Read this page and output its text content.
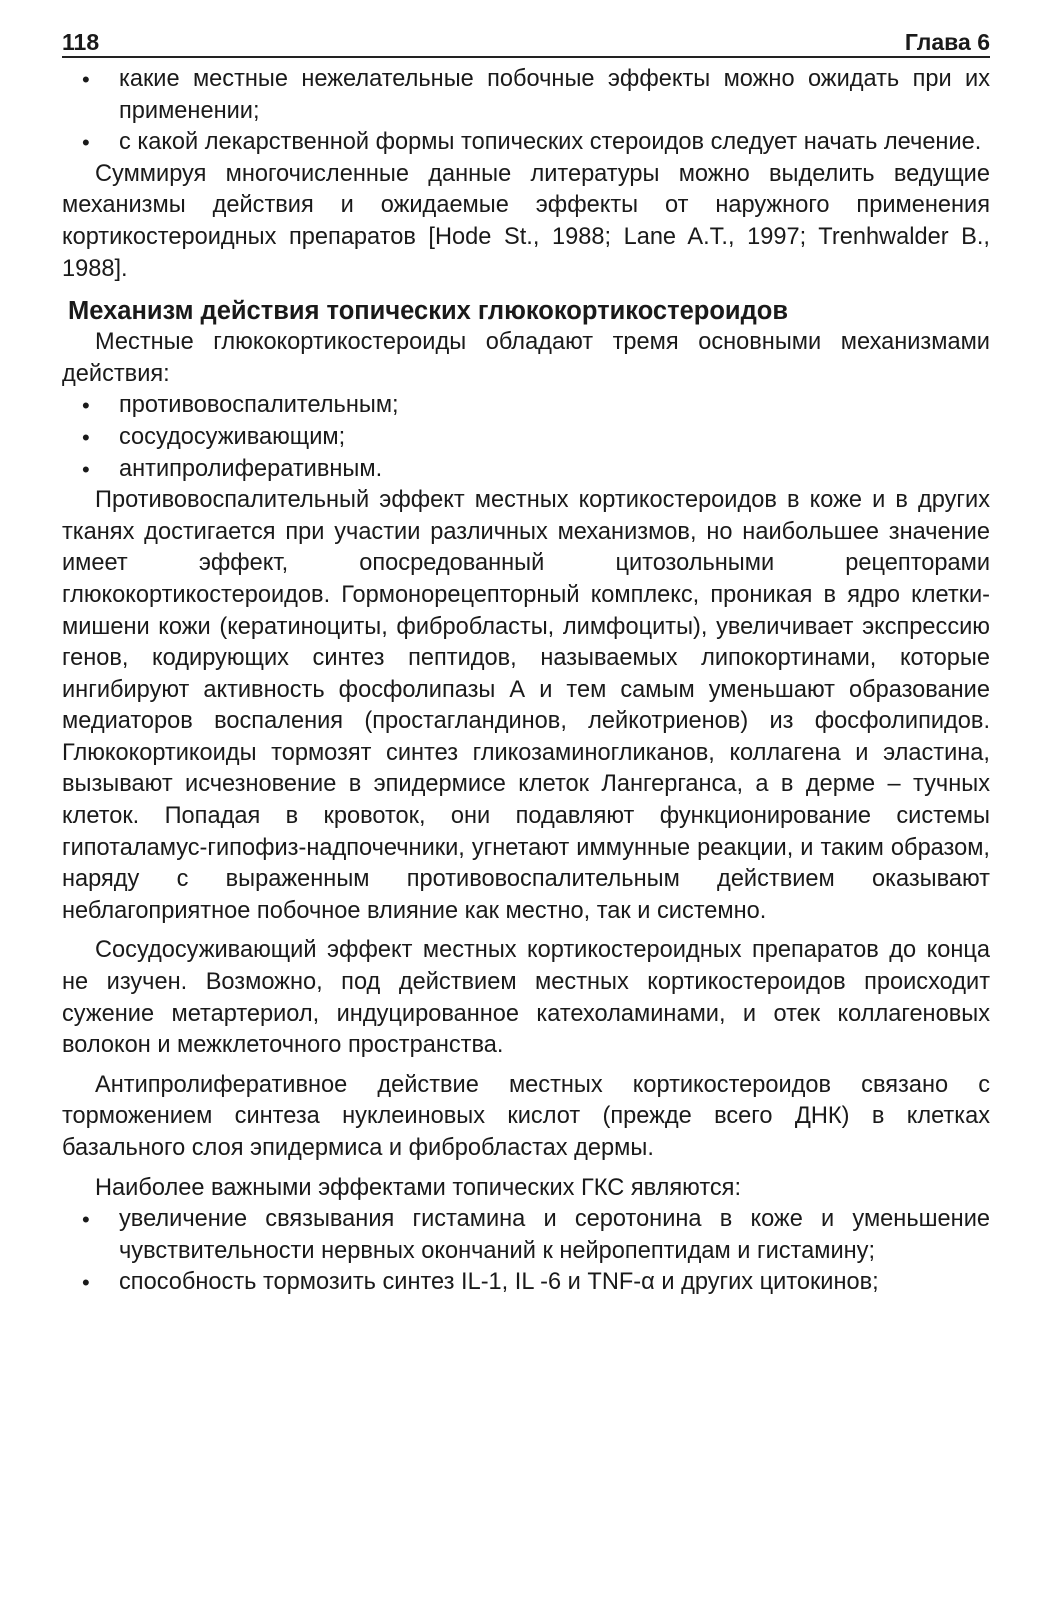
118	Глава 6

• какие местные нежелательные побочные эффекты можно ожидать при их применении;

• с какой лекарственной формы топических стероидов следует начать лечение.

Суммируя многочисленные данные литературы можно выделить ведущие механизмы действия и ожидаемые эффекты от наружного применения кортикостероидных препаратов [Hode St., 1988; Lane A.T., 1997; Trenhwalder B., 1988].

Механизм действия топических глюкокортикостероидов

Местные глюкокортикостероиды обладают тремя основными механизмами действия:

• противовоспалительным;

• сосудосуживающим;

• антипролиферативным.

Противовоспалительный эффект местных кортикостероидов в коже и в других тканях достигается при участии различных механизмов, но наибольшее значение имеет эффект, опосредованный цитозольными рецепторами глюкокортикостероидов. Гормонорецепторный комплекс, проникая в ядро клетки-мишени кожи (кератиноциты, фибробласты, лимфоциты), увеличивает экспрессию генов, кодирующих синтез пептидов, называемых липокортинами, которые ингибируют активность фосфолипазы А и тем самым уменьшают образование медиаторов воспаления (простагландинов, лейкотриенов) из фосфолипидов. Глюкокортикоиды тормозят синтез гликозаминогликанов, коллагена и эластина, вызывают исчезновение в эпидермисе клеток Лангерганса, а в дерме – тучных клеток. Попадая в кровоток, они подавляют функционирование системы гипоталамус-гипофиз-надпочечники, угнетают иммунные реакции, и таким образом, наряду с выраженным противовоспалительным действием оказывают неблагоприятное побочное влияние как местно, так и системно.

Сосудосуживающий эффект местных кортикостероидных препаратов до конца не изучен. Возможно, под действием местных кортикостероидов происходит сужение метартериол, индуцированное катехоламинами, и отек коллагеновых волокон и межклеточного пространства.

Антипролиферативное действие местных кортикостероидов связано с торможением синтеза нуклеиновых кислот (прежде всего ДНК) в клетках базального слоя эпидермиса и фибробластах дермы.

Наиболее важными эффектами топических ГКС являются:

• увеличение связывания гистамина и серотонина в коже и уменьшение чувствительности нервных окончаний к нейропептидам и гистамину;

• способность тормозить синтез IL-1, IL -6 и TNF-α и других цитокинов;
